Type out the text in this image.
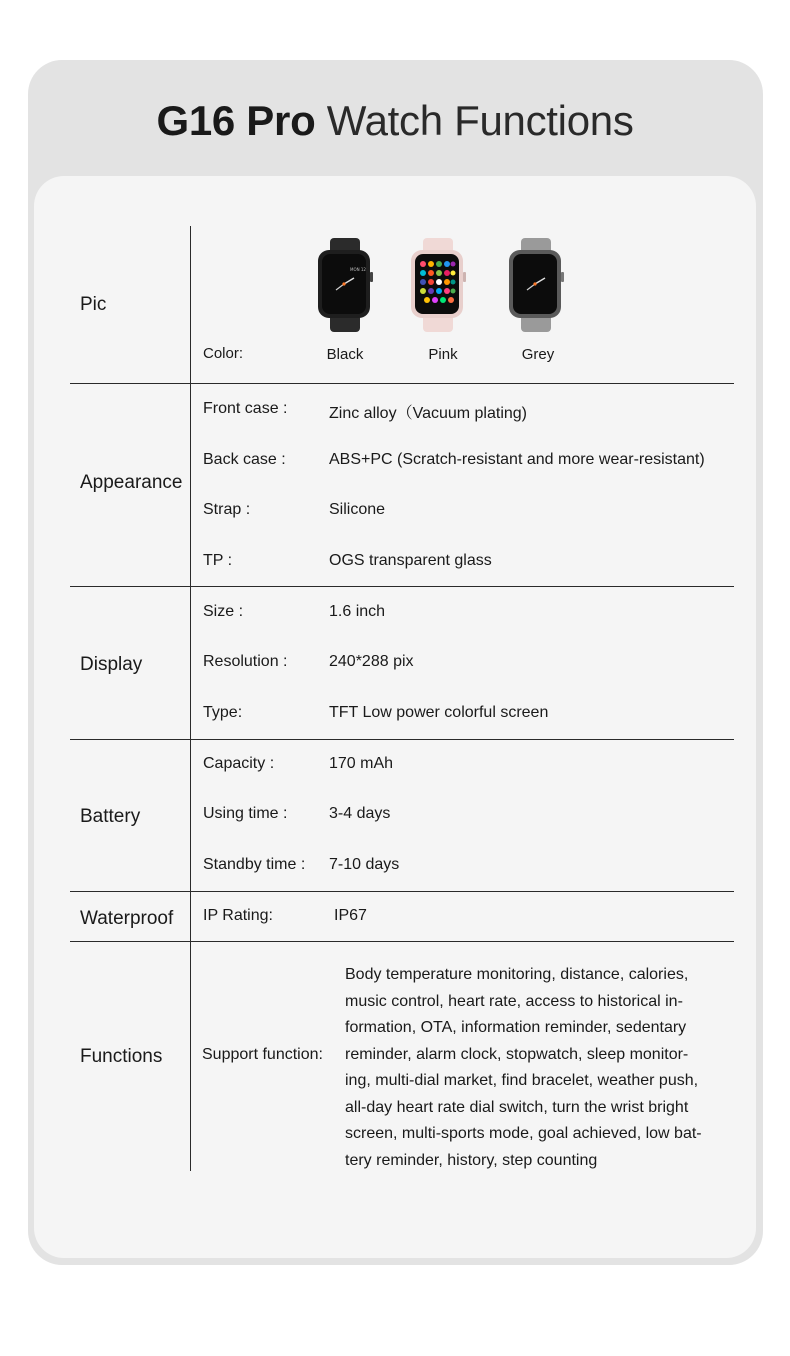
G16 Pro Watch Functions
Pic
Color:
MON 12
Black	Pink	Grey
Appearance
Front case :	Zinc alloy（Vacuum plating)
Back case :	ABS+PC (Scratch-resistant and more wear-resistant)
Strap :	Silicone
TP :	OGS transparent glass
Display
Size :	1.6 inch
Resolution :	240*288 pix
Type:	TFT Low power colorful screen
Battery
Capacity :	170 mAh
Using time :	3-4 days
Standby time : 7-10 days
Waterproof IP Rating:	IP67
Functions Support function:
Body temperature monitoring, distance, calories,
music control, heart rate, access to historical in-
formation, OTA, information reminder, sedentary
reminder, alarm clock, stopwatch, sleep monitor-
ing, multi-dial market, find bracelet, weather push,
all-day heart rate dial switch, turn the wrist bright
screen, multi-sports mode, goal achieved, low bat-
tery reminder, history, step counting
